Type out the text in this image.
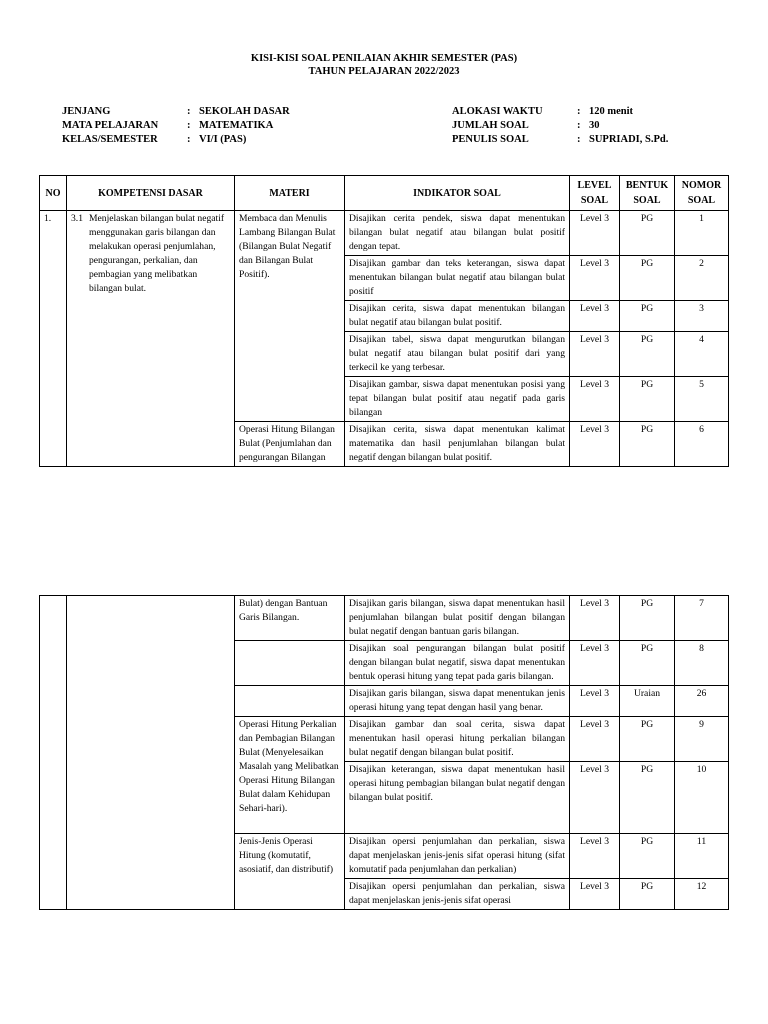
KISI-KISI SOAL PENILAIAN AKHIR SEMESTER (PAS)
TAHUN PELAJARAN 2022/2023
JENJANG	: SEKOLAH DASAR
MATA PELAJARAN	: MATEMATIKA
KELAS/SEMESTER	: VI/I (PAS)
ALOKASI WAKTU	: 120 menit
JUMLAH SOAL	: 30
PENULIS SOAL	: SUPRIADI, S.Pd.
NO	KOMPETENSI DASAR	MATERI	INDIKATOR SOAL	LEVEL SOAL	BENTUK SOAL	NOMOR SOAL
1.	3.1 Menjelaskan bilangan bulat negatif menggunakan garis bilangan dan melakukan operasi penjumlahan, pengurangan, perkalian, dan pembagian yang melibatkan bilangan bulat.	Membaca dan Menulis Lambang Bilangan Bulat (Bilangan Bulat Negatif dan Bilangan Bulat Positif).	Disajikan cerita pendek, siswa dapat menentukan bilangan bulat negatif atau bilangan bulat positif dengan tepat.	Level 3	PG	1
			Disajikan gambar dan teks keterangan, siswa dapat menentukan bilangan bulat negatif atau bilangan bulat positif	Level 3	PG	2
			Disajikan cerita, siswa dapat menentukan bilangan bulat negatif atau bilangan bulat positif.	Level 3	PG	3
			Disajikan tabel, siswa dapat mengurutkan bilangan bulat negatif atau bilangan bulat positif dari yang terkecil ke yang terbesar.	Level 3	PG	4
			Disajikan gambar, siswa dapat menentukan posisi yang tepat bilangan bulat positif atau negatif pada garis bilangan	Level 3	PG	5
		Operasi Hitung Bilangan Bulat (Penjumlahan dan pengurangan Bilangan	Disajikan cerita, siswa dapat menentukan kalimat matematika dan hasil penjumlahan bilangan bulat negatif dengan bilangan bulat positif.	Level 3	PG	6
		Bulat) dengan Bantuan Garis Bilangan.	Disajikan garis bilangan, siswa dapat menentukan hasil penjumlahan bilangan bulat positif dengan bilangan bulat negatif dengan bantuan garis bilangan.	Level 3	PG	7
			Disajikan soal pengurangan bilangan bulat positif dengan bilangan bulat negatif, siswa dapat menentukan bentuk operasi hitung yang tepat pada garis bilangan.	Level 3	PG	8
			Disajikan garis bilangan, siswa dapat menentukan jenis operasi hitung yang tepat dengan hasil yang benar.	Level 3	Uraian	26
		Operasi Hitung Perkalian dan Pembagian Bilangan Bulat (Menyelesaikan Masalah yang Melibatkan Operasi Hitung Bilangan Bulat dalam Kehidupan Sehari-hari).	Disajikan gambar dan soal cerita, siswa dapat menentukan hasil operasi hitung perkalian bilangan bulat negatif dengan bilangan bulat positif.	Level 3	PG	9
			Disajikan keterangan, siswa dapat menentukan hasil operasi hitung pembagian bilangan bulat negatif dengan bilangan bulat positif.	Level 3	PG	10
		Jenis-Jenis Operasi Hitung (komutatif, asosiatif, dan distributif)	Disajikan opersi penjumlahan dan perkalian, siswa dapat menjelaskan jenis-jenis sifat operasi hitung (sifat komutatif pada penjumlahan dan perkalian)	Level 3	PG	11
			Disajikan opersi penjumlahan dan perkalian, siswa dapat menjelaskan jenis-jenis sifat operasi	Level 3	PG	12
